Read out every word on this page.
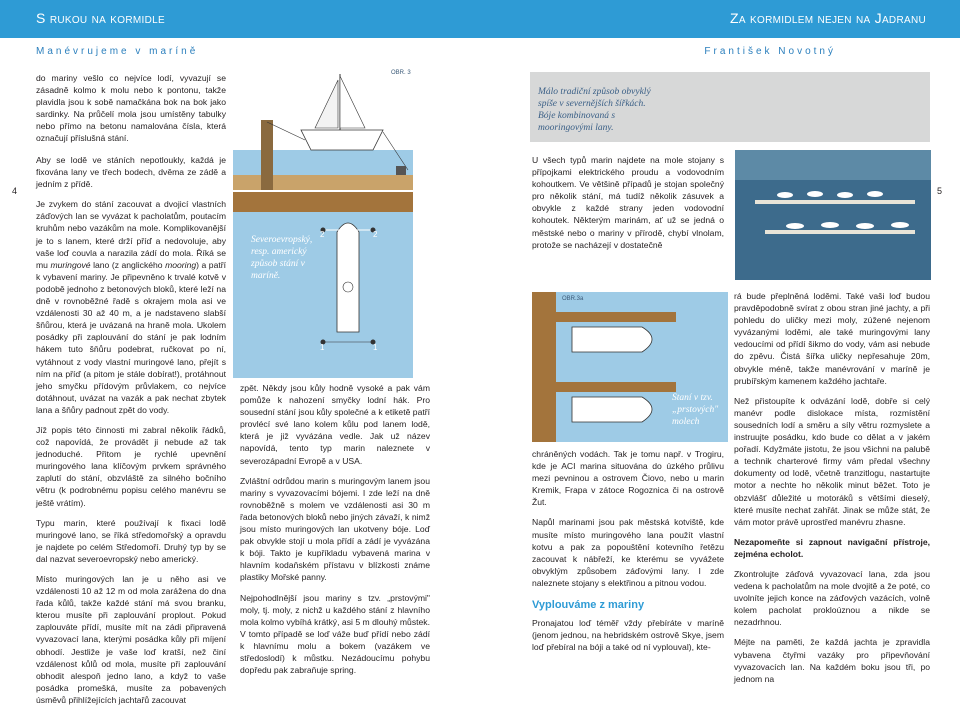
S rukou na kormidle	Za kormidlem nejen na Jadranu
Manévrujeme v maríně	František Novotný
4	5

do mariny vešlo co nejvíce lodí, vyvazují se zásadně kolmo k molu nebo k pontonu, takže plavidla jsou k sobě namačkána bok na bok jako sardinky. Na průčelí mola jsou umístěny tabulky nebo přímo na betonu namalována čísla, která označují příslušná stání.

Aby se lodě ve stáních nepotloukly, každá je fixována lany ve třech bodech, dvěma ze zádě a jedním z přídě.

Je zvykem do stání zacouvat a dvojicí vlastních záďových lan se vyvázat k pacholatům, poutacím kruhům nebo vazákům na mole. Komplikovanější je to s lanem, které drží příď a nedovoluje, aby vaše loď couvla a narazila zádí do mola. Říká se mu muringové lano (z anglického mooring) a patří k vybavení mariny. Je připevněno k trvalé kotvě v podobě jednoho z betonových bloků, které leží na dně v rovnoběžné řadě s okrajem mola asi ve vzdálenosti 30 až 40 m, a je nadstaveno slabší šňůrou, která je uvázaná na hraně mola. Ukolem posádky při zaplouvání do stání je pak lodním hákem tuto šňůru podebrat, ručkovat po ní, vytáhnout z vody vlastní muringové lano, přejít s ním na příď (a pitom je stále dobírat!), protáhnout jeho smyčku přídovým průvlakem, co nejvíce dotáhnout, uvázat na vazák a pak nechat zbytek lana a šňůry padnout zpět do vody.

Jíž popis této činnosti mi zabral několik řádků, což napovídá, že provádět ji nebude až tak jednoduché. Přitom je rychlé upevnění muringového lana klíčovým prvkem správného zaplutí do stání, obzvláště za silného bočního větru (k podrobnému popisu celého manévru se ještě vrátím).

Typu marin, které používají k fixaci lodě muringové lano, se říká středomořský a opravdu je najdete po celém Středomoří. Druhý typ by se dal nazvat severoevropský nebo americký.

Místo muringových lan je u něho asi ve vzdálenosti 10 až 12 m od mola zarážena do dna řada kůlů, takže každé stání má svou branku, kterou musíte při zaplouvání proplout. Pokud zaplouváte přídí, musíte mít na zádi připravená vyvazovací lana, kterými posádka kůly při míjení obhodí. Jestliže je vaše loď kratší, než činí vzdálenost kůlů od mola, musíte při zaplouvání obhodit alespoň jedno lano, a když to vaše posádka promešká, musíte za pobavených úsměvů přihlížejících jachtařů zacouvat

OBR. 3
Severoevropský, resp. americký způsob stání v maríně.
2	2
1	1

zpět. Někdy jsou kůly hodně vysoké a pak vám pomůže k nahození smyčky lodní hák. Pro sousední stání jsou kůly společné a k etiketě patří provlécí své lano kolem kůlu pod lanem lodě, která je již vyvázána vedle. Jak už název napovídá, tento typ marin naleznete v severozápadní Evropě a v USA.

Zvláštní odrůdou marin s muringovým lanem jsou mariny s vyvazovacími bójemi. I zde leží na dně rovnoběžně s molem ve vzdálenosti asi 30 m řada betonových bloků nebo jiných závaží, k nimž jsou místo muringových lan ukotveny bóje. Loď pak obvykle stojí u mola přídí a zádí je vyvázána k bóji. Takto je kupříkladu vybavená marina v hlavním kodaňském přístavu v blízkosti známe plastiky Mořské panny.

Nejpohodlnější jsou mariny s tzv. „prstovými" moly, tj. moly, z nichž u každého stání z hlavního mola kolmo vybíhá krátký, asi 5 m dlouhý můstek. V tomto případě se loď váže buď přídí nebo zádí k hlavnímu molu a bokem (vazákem ve středoslodí) k můstku. Nezádoucímu pohybu dopředu pak zabraňuje spring.

Málo tradiční způsob obvyklý spíše v severnějších šířkách. Bóje kombinovaná s mooringovými lany.

U všech typů marin najdete na mole stojany s přípojkami elektrického proudu a vodovodním kohoutkem. Ve většině případů je stojan společný pro několik stání, má tudíž několik zásuvek a obvykle z každé strany jeden vodovodní kohoutek. Některým marinám, ať už se jedná o městské nebo o mariny v přírodě, chybí vlnolam, protože se nacházejí v dostatečně

OBR.3a
Staní v tzv. „prstových" molech

chráněných vodách. Tak je tomu např. v Trogiru, kde je ACI marina situována do úzkého průlivu mezi pevninou a ostrovem Čiovo, nebo u marin Kremik, Frapa v zátoce Rogoznica či na ostrově Žut.

Napůl marinami jsou pak městská kotviště, kde musíte místo muringového lana použít vlastní kotvu a pak za popouštění kotevního řetězu zacouvat k nábřeží, ke kterému se vyvážete obvyklým způsobem záďovými lany. I zde naleznete stojany s elektřinou a pitnou vodou.

Vyplouváme z mariny

Pronajatou loď téměř vždy přebíráte v maríně (jenom jednou, na hebridském ostrově Skye, jsem loď přebíral na bóji a také od ní vyplouval), kte-

rá bude přeplněná loděmi. Také vaši loď budou pravděpodobně svírat z obou stran jiné jachty, a při pohledu do uličky mezi moly, zúžené nejenom vyvázanými loděmi, ale také muringovými lany vedoucími od přídí šikmo do vody, vám asi nebude do zpěvu. Čistá šířka uličky nepřesahuje 20m, obvykle méně, takže manévrování v maríně je prubířským kamenem každého jachtaře.

Než přistoupíte k odvázání lodě, dobře si celý manévr podle dislokace místa, rozmístění sousedních lodí a směru a síly větru rozmyslete a instruujte posádku, kdo bude co dělat a v jakém pořadí. Kdyžmáte jistotu, že jsou všichni na palubě a technik charterové firmy vám předal všechny dokumenty od lodě, včetně tranzitlogu, nastartujte motor a nechte ho několik minut běžet. Toto je obzvlášť důležité u motoráků s většími dieselý, které musíte nechat zahřát. Jinak se může stát, že vám motor právě uprostřed manévru zhasne.

Nezapomeňte si zapnout navigační přístroje, zejména echolot.

Zkontrolujte záďová vyvazovací lana, zda jsou vedena k pacholatům na mole dvojitě a že poté, co uvolníte jejich konce na záďových vazácích, volně kolem pacholat prokloúznou a nikde se nezadrhnou.

Méjte na paměti, že každá jachta je zpravidla vybavena čtyřmi vazáky pro připevňování vyvazovacích lan. Na každém boku jsou tři, po jednom na
